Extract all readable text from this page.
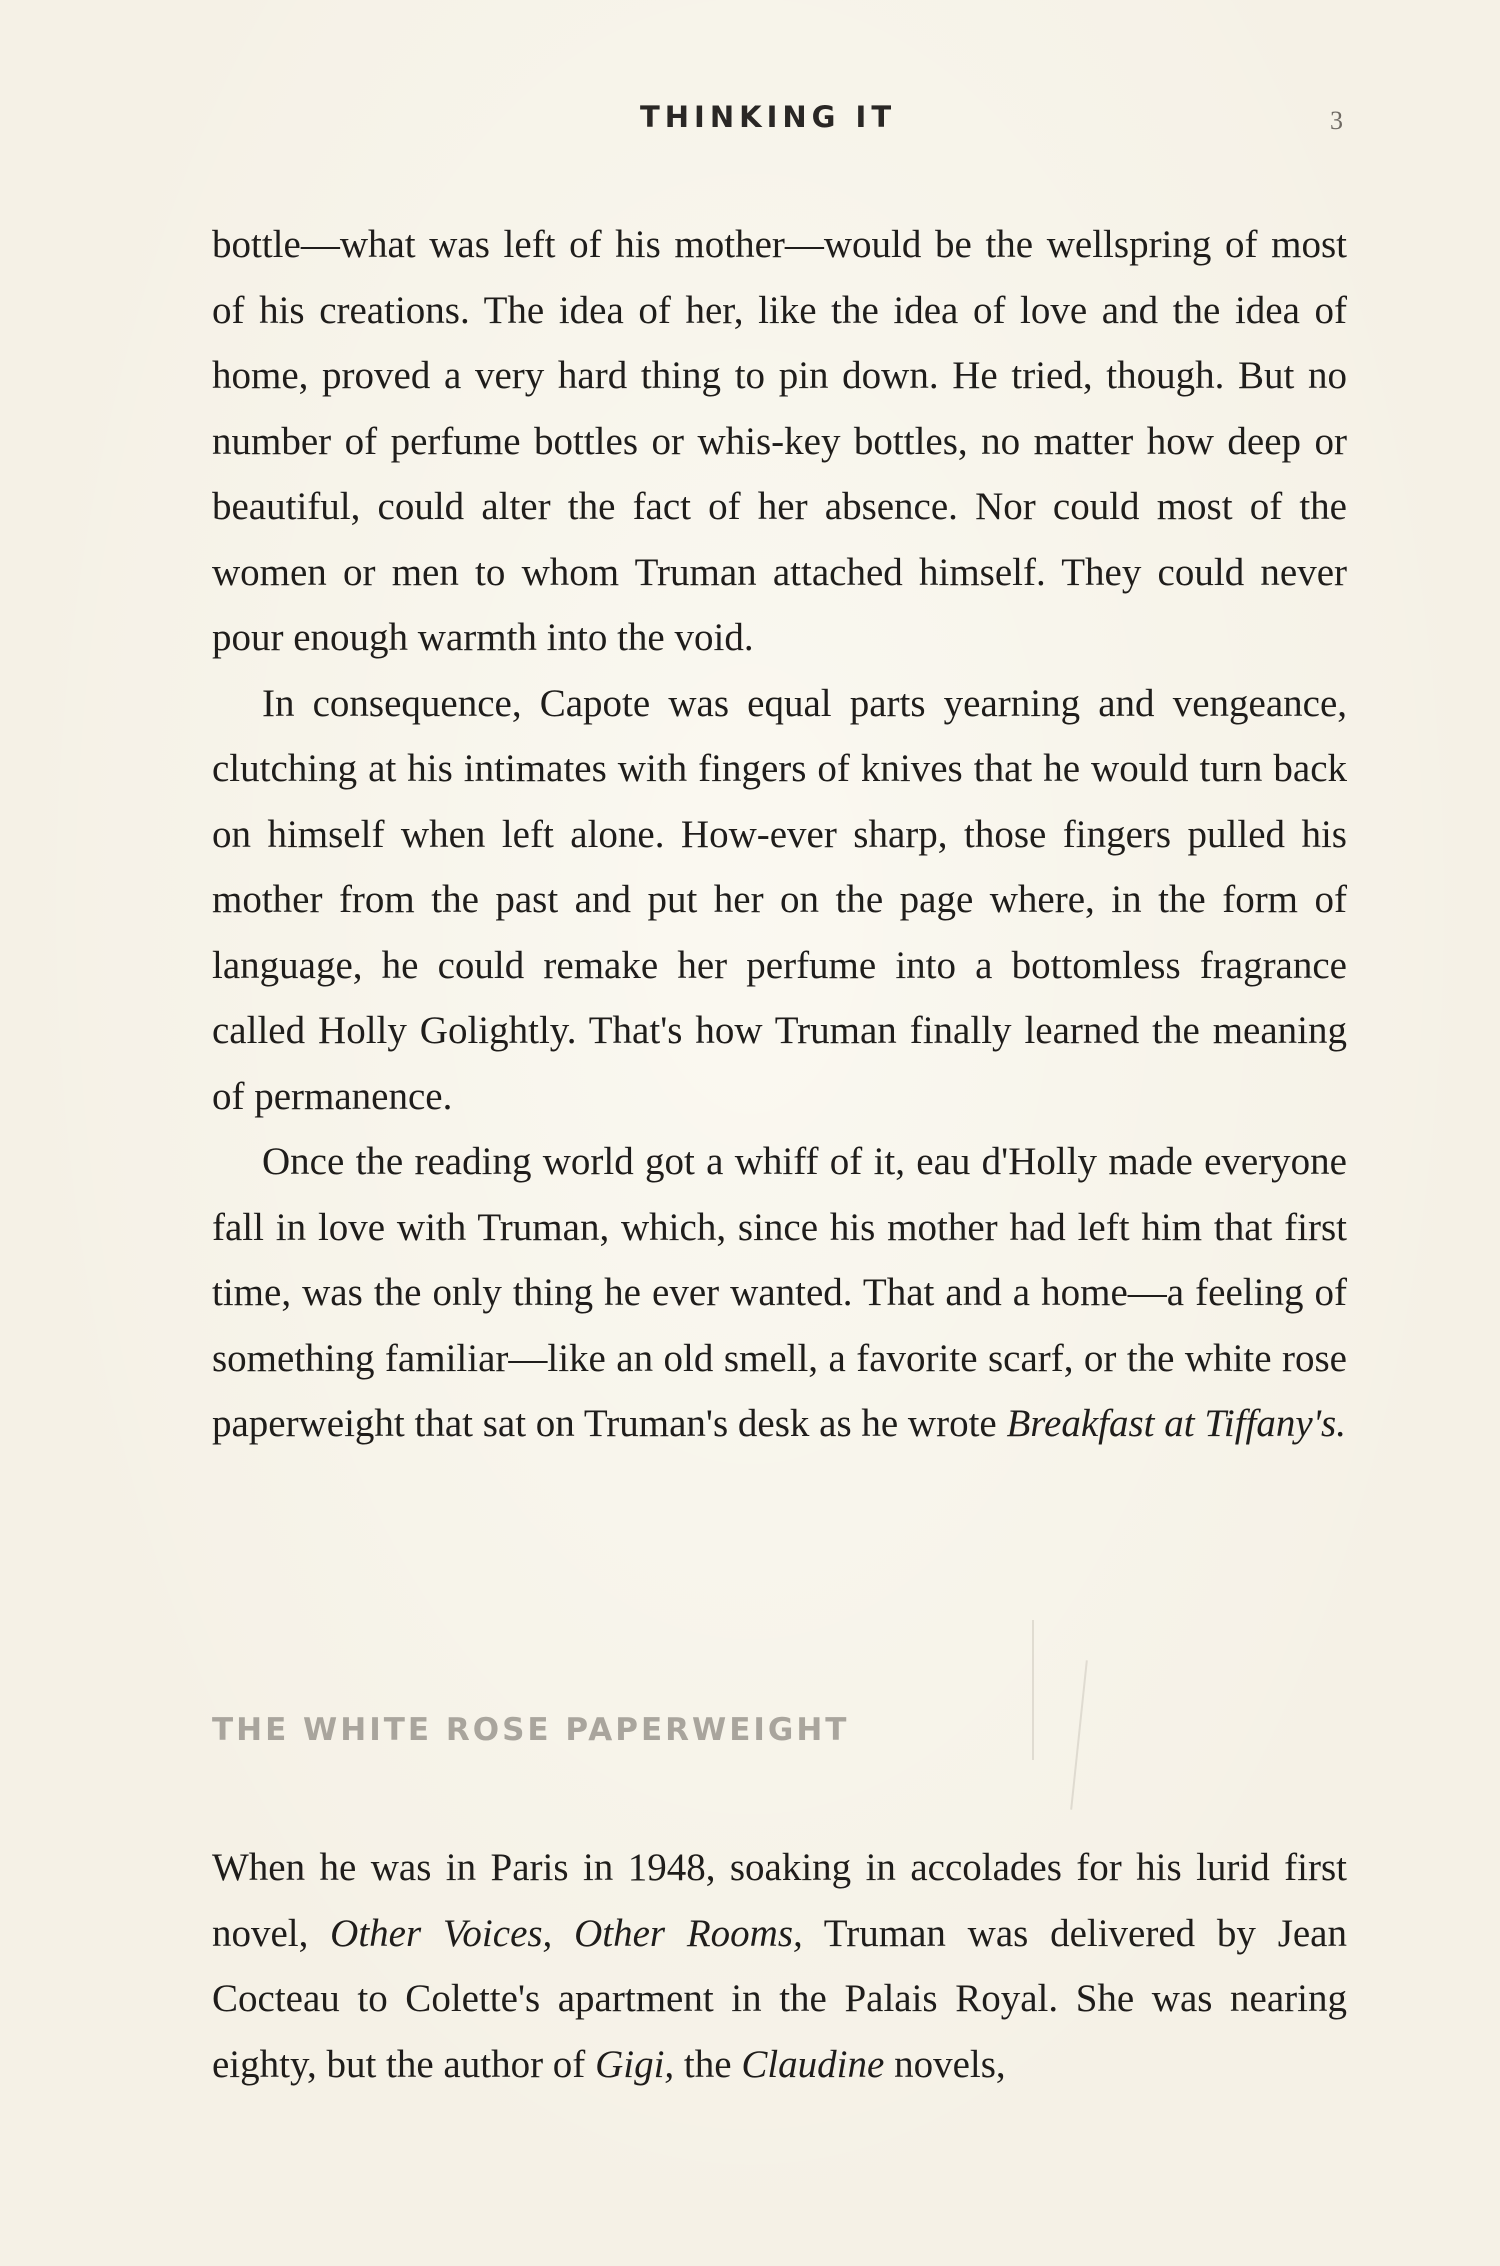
THINKING IT	3

bottle—what was left of his mother—would be the wellspring of most of his creations. The idea of her, like the idea of love and the idea of home, proved a very hard thing to pin down. He tried, though. But no number of perfume bottles or whis-key bottles, no matter how deep or beautiful, could alter the fact of her absence. Nor could most of the women or men to whom Truman attached himself. They could never pour enough warmth into the void.

In consequence, Capote was equal parts yearning and vengeance, clutching at his intimates with fingers of knives that he would turn back on himself when left alone. How-ever sharp, those fingers pulled his mother from the past and put her on the page where, in the form of language, he could remake her perfume into a bottomless fragrance called Holly Golightly. That's how Truman finally learned the meaning of permanence.

Once the reading world got a whiff of it, eau d'Holly made everyone fall in love with Truman, which, since his mother had left him that first time, was the only thing he ever wanted. That and a home—a feeling of something familiar—like an old smell, a favorite scarf, or the white rose paperweight that sat on Truman's desk as he wrote Breakfast at Tiffany's.

THE WHITE ROSE PAPERWEIGHT

When he was in Paris in 1948, soaking in accolades for his lurid first novel, Other Voices, Other Rooms, Truman was delivered by Jean Cocteau to Colette's apartment in the Palais Royal. She was nearing eighty, but the author of Gigi, the Claudine novels,
